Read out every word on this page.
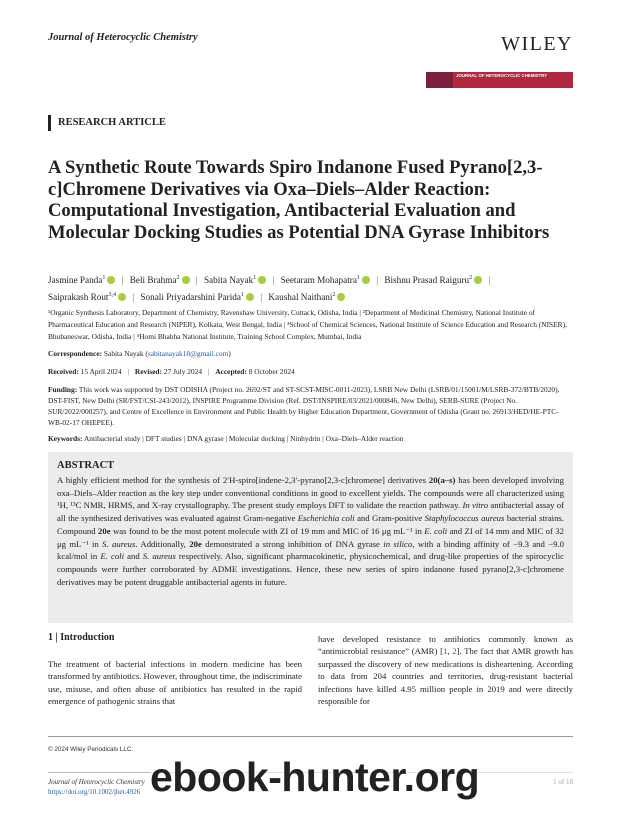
Journal of Heterocyclic Chemistry	WILEY
JOURNAL OF HETEROCYCLIC CHEMISTRY
RESEARCH ARTICLE
A Synthetic Route Towards Spiro Indanone Fused Pyrano[2,3-c]Chromene Derivatives via Oxa–Diels–Alder Reaction: Computational Investigation, Antibacterial Evaluation and Molecular Docking Studies as Potential DNA Gyrase Inhibitors
Jasmine Panda$^1$ | Beli Brahma$^2$ | Sabita Nayak$^1$ | Seetaram Mohapatra$^1$ | Bishnu Prasad Raiguru$^2$ | Saiprakash Rout$^{3,4}$ | Sonali Priyadarshini Parida$^1$ | Kaushal Naithani$^2$
¹Organic Synthesis Laboratory, Department of Chemistry, Ravenshaw University, Cuttack, Odisha, India | ²Department of Medicinal Chemistry, National Institute of Pharmaceutical Education and Research (NIPER), Kolkata, West Bengal, India | ³School of Chemical Sciences, National Institute of Science Education and Research (NISER), Bhubaneswar, Odisha, India | ⁴Homi Bhabha National Institute, Training School Complex, Mumbai, India
Correspondence: Sabita Nayak (sabitanayak18@gmail.com)
Received: 15 April 2024 | Revised: 27 July 2024 | Accepted: 8 October 2024
Funding: This work was supported by DST ODISHA (Project no. 2692/ST and ST-SCST-MISC-0011-2023), LSRB New Delhi (LSRB/01/15001/M/LSRB-372/BTB/2020), DST-FIST, New Delhi (SR/FST/CSI-243/2012), INSPIRE Programme Division (Ref. DST/INSPIRE/03/2021/000846, New Delhi), SERB-SURE (Project No. SUR/2022/000257), and Centre of Excellence in Environment and Public Health by Higher Education Department, Government of Odisha (Grant no. 26913/HED/HE-PTC-WB-02-17 OHEPEE).
Keywords: Antibacterial study | DFT studies | DNA gyrase | Molecular docking | Ninhydrin | Oxa–Diels–Alder reaction
ABSTRACT

A highly efficient method for the synthesis of 2′H-spiro[indene-2,3′-pyrano[2,3-c]chromene] derivatives 20(a–s) has been developed involving oxa–Diels–Alder reaction as the key step under conventional conditions in good to excellent yields. The compounds were all characterized using ¹H, ¹³C NMR, HRMS, and X-ray crystallography. The present study employs DFT to validate the reaction pathway. In vitro antibacterial assay of all the synthesized derivatives was evaluated against Gram-negative Escherichia coli and Gram-positive Staphylococcus aureus bacterial strains. Compound 20e was found to be the most potent molecule with ZI of 19 mm and MIC of 16 μg mL⁻¹ in E. coli and ZI of 14 mm and MIC of 32 μg mL⁻¹ in S. aureus. Additionally, 20e demonstrated a strong inhibition of DNA gyrase in silico, with a binding affinity of −9.3 and −9.0 kcal/mol in E. coli and S. aureus respectively. Also, significant pharmacokinetic, physicochemical, and drug-like properties of the spirocyclic compounds were further corroborated by ADME investigations. Hence, these new series of spiro indanone fused pyrano[2,3-c]chromene derivatives may be potent druggable antibacterial agents in future.

1 | Introduction
The treatment of bacterial infections in modern medicine has been transformed by antibiotics. However, throughout time, the indiscriminate use, misuse, and often abuse of antibiotics has resulted in the rapid emergence of pathogenic strains that
have developed resistance to antibiotics commonly known as “antimicrobial resistance” (AMR) [1, 2]. The fact that AMR growth has surpassed the discovery of new medications is disheartening. According to data from 204 countries and territories, drug-resistant bacterial infections have killed 4.95 million people in 2019 and were directly responsible for
© 2024 Wiley Periodicals LLC.
Journal of Heterocyclic Chemistry
https://doi.org/10.1002/jhet.4926 ebook-hunter.org
